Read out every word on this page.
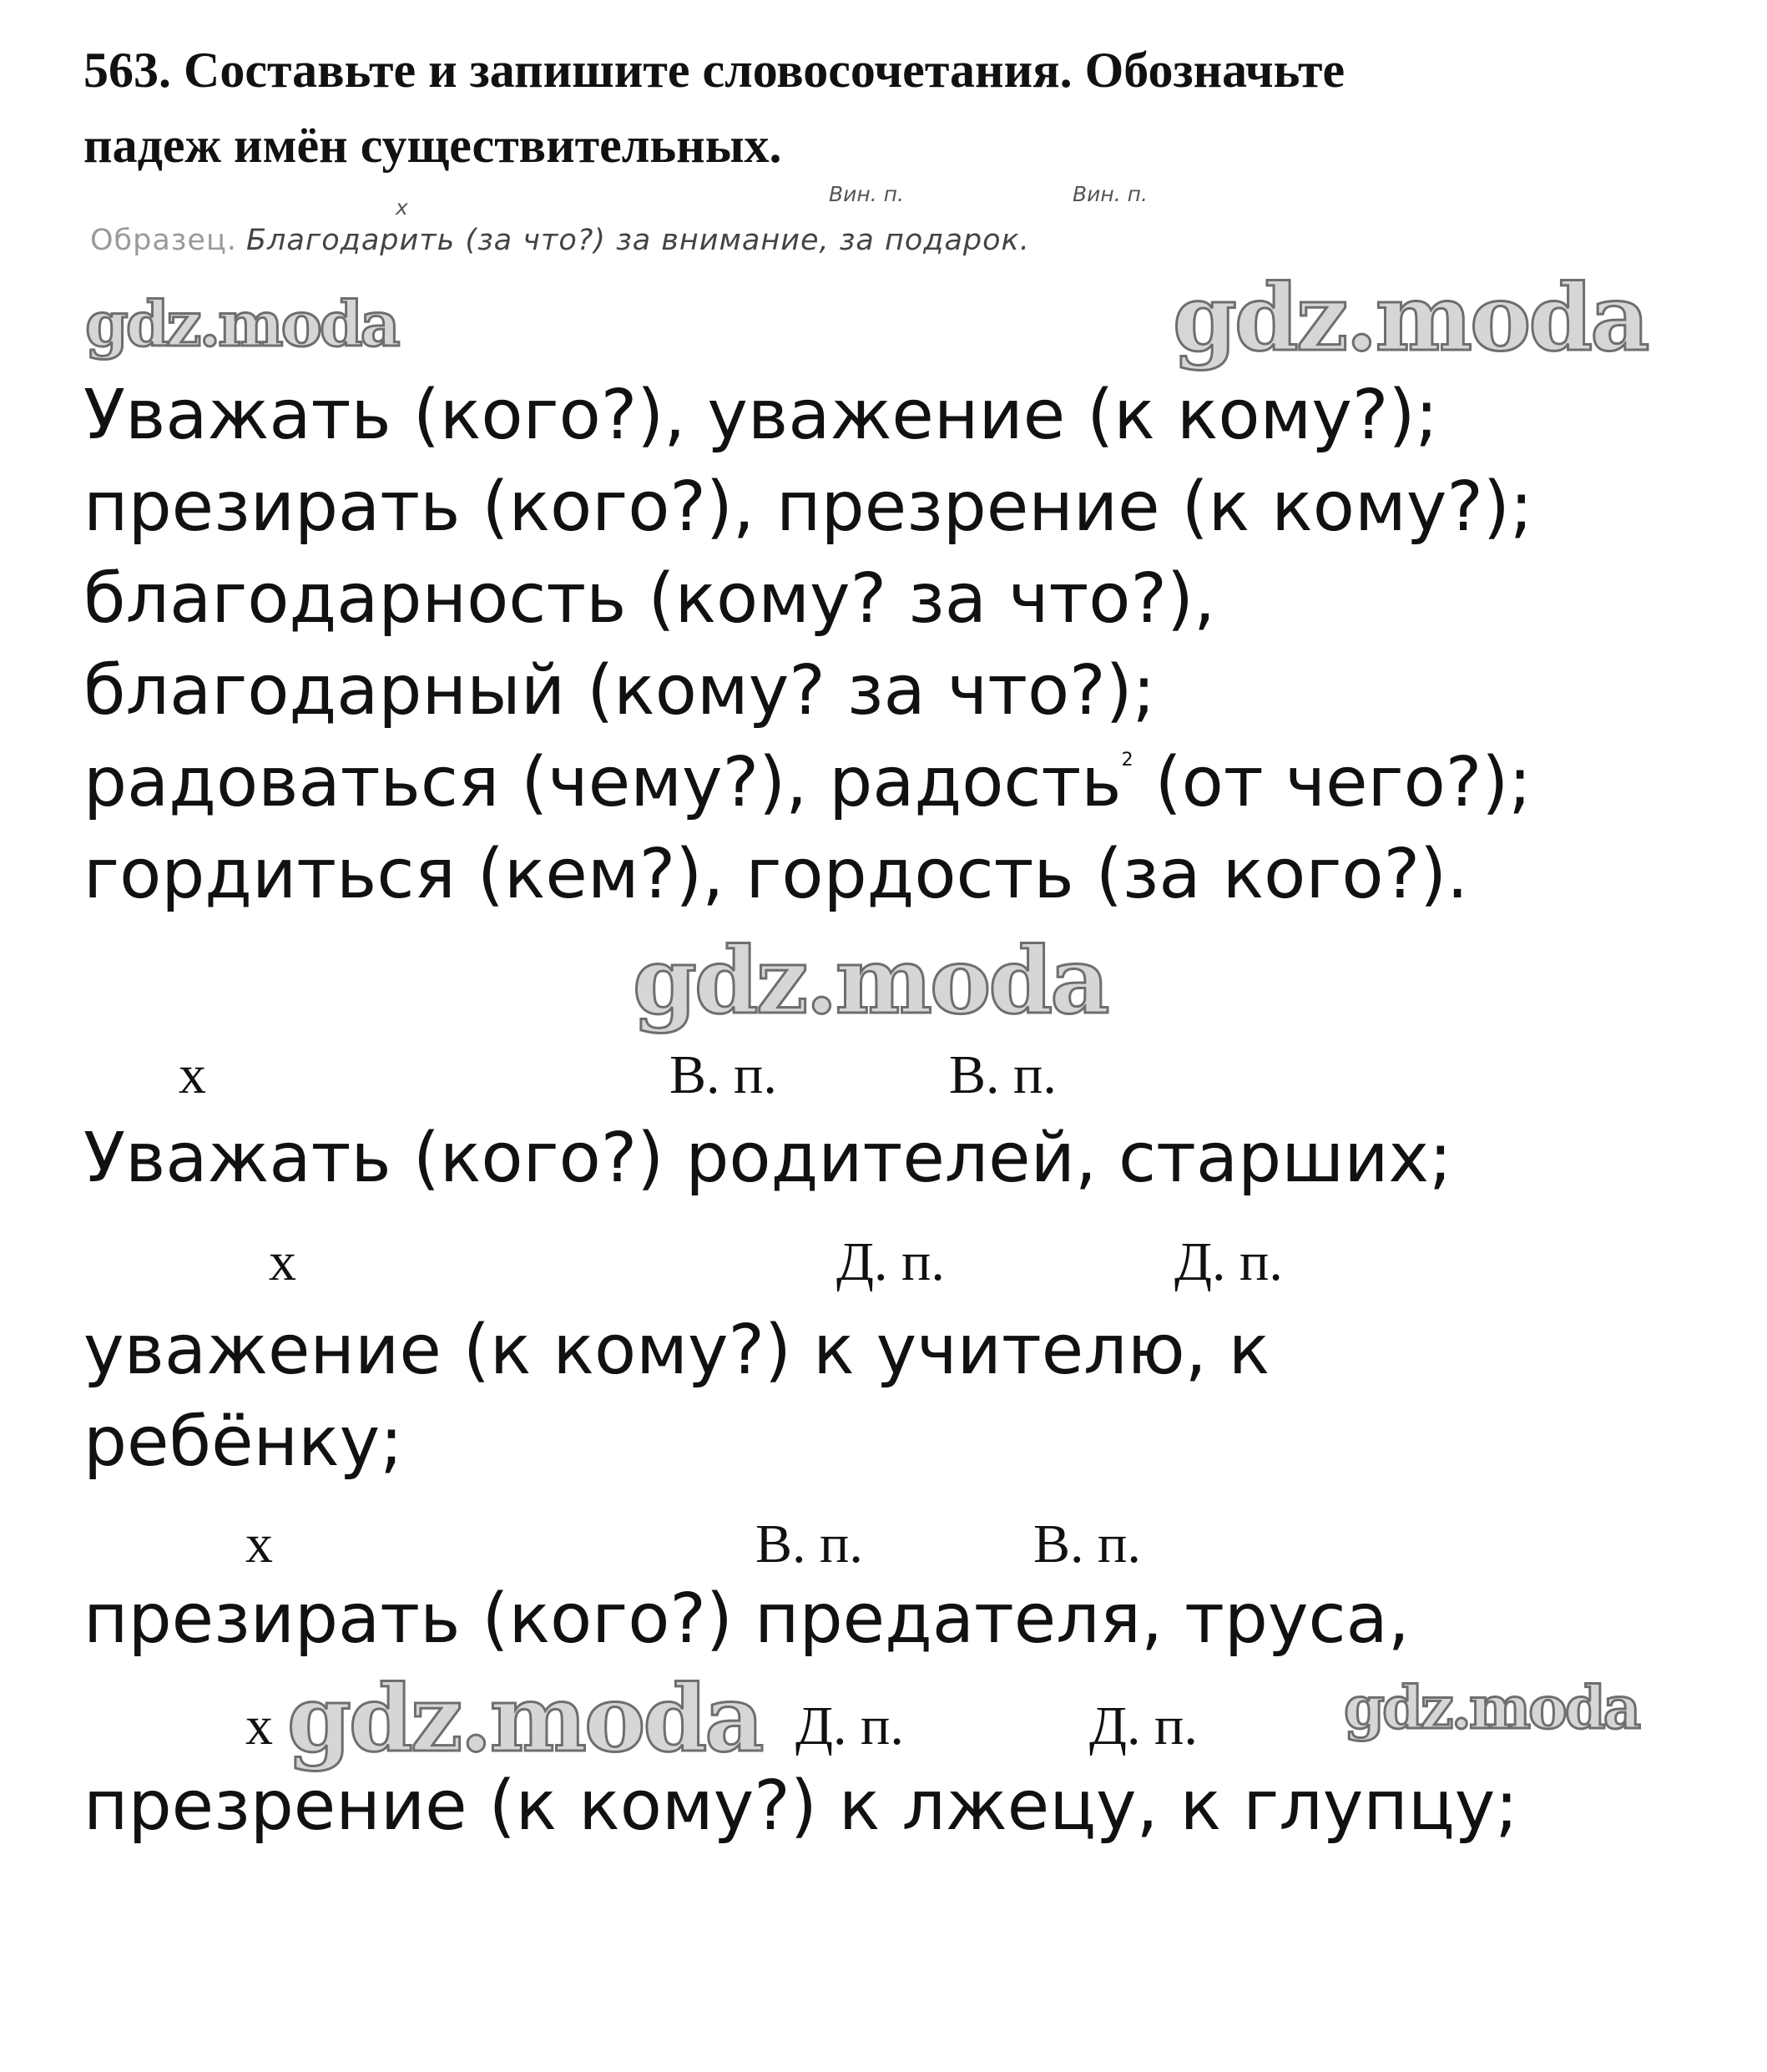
563. Составьте и запишите словосочетания. Обозначьте
падеж имён существительных.
x
Вин. п.	Вин. п.
Образец. Благодарить (за что?) за внимание, за подарок.
gdz.moda	gdz.moda
gdz.moda
gdz.moda	gdz.moda
Уважать (кого?), уважение (к кому?);
презирать (кого?), презрение (к кому?);
благодарность (кому? за что?),
благодарный (кому? за что?);
радоваться (чему?), радость$^2$ (от чего?);
гордиться (кем?), гордость (за кого?).
x	В. п.	В. п.
Уважать (кого?) родителей, старших;
x	Д. п.	Д. п.
уважение (к кому?) к учителю, к
ребёнку;
x	В. п.	В. п.
презирать (кого?) предателя, труса,
x	Д. п.	Д. п.
презрение (к кому?) к лжецу, к глупцу;
